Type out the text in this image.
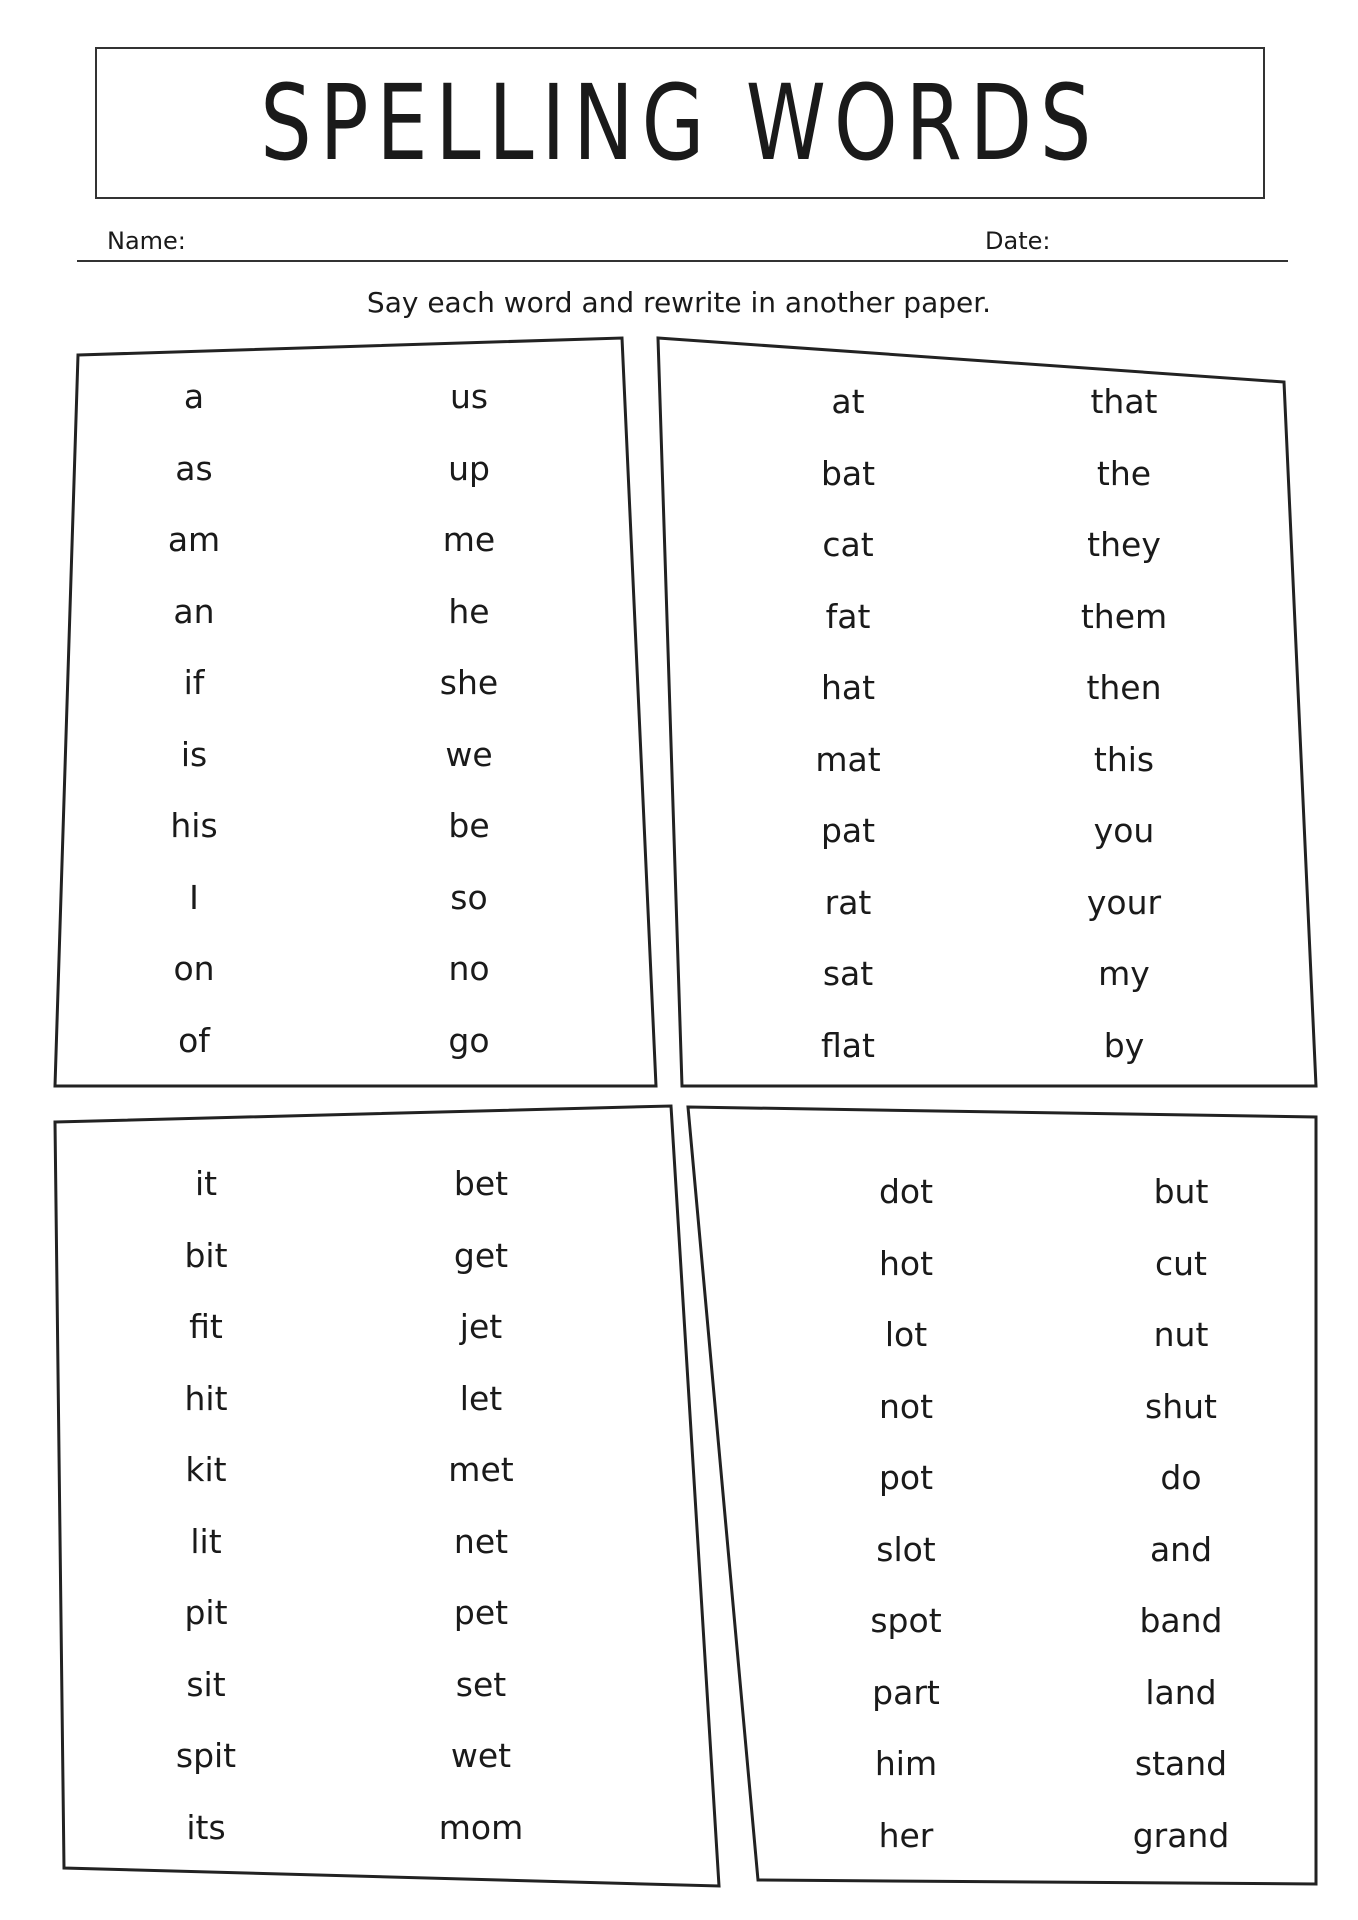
SPELLING WORDS
Name:	Date:
Say each word and rewrite in another paper.
a
as
am
an
if
is
his
I
on
of
us
up
me
he
she
we
be
so
no
go
at
bat
cat
fat
hat
mat
pat
rat
sat
flat
that
the
they
them
then
this
you
your
my
by
it
bit
fit
hit
kit
lit
pit
sit
spit
its
bet
get
jet
let
met
net
pet
set
wet
mom
dot
hot
lot
not
pot
slot
spot
part
him
her
but
cut
nut
shut
do
and
band
land
stand
grand
